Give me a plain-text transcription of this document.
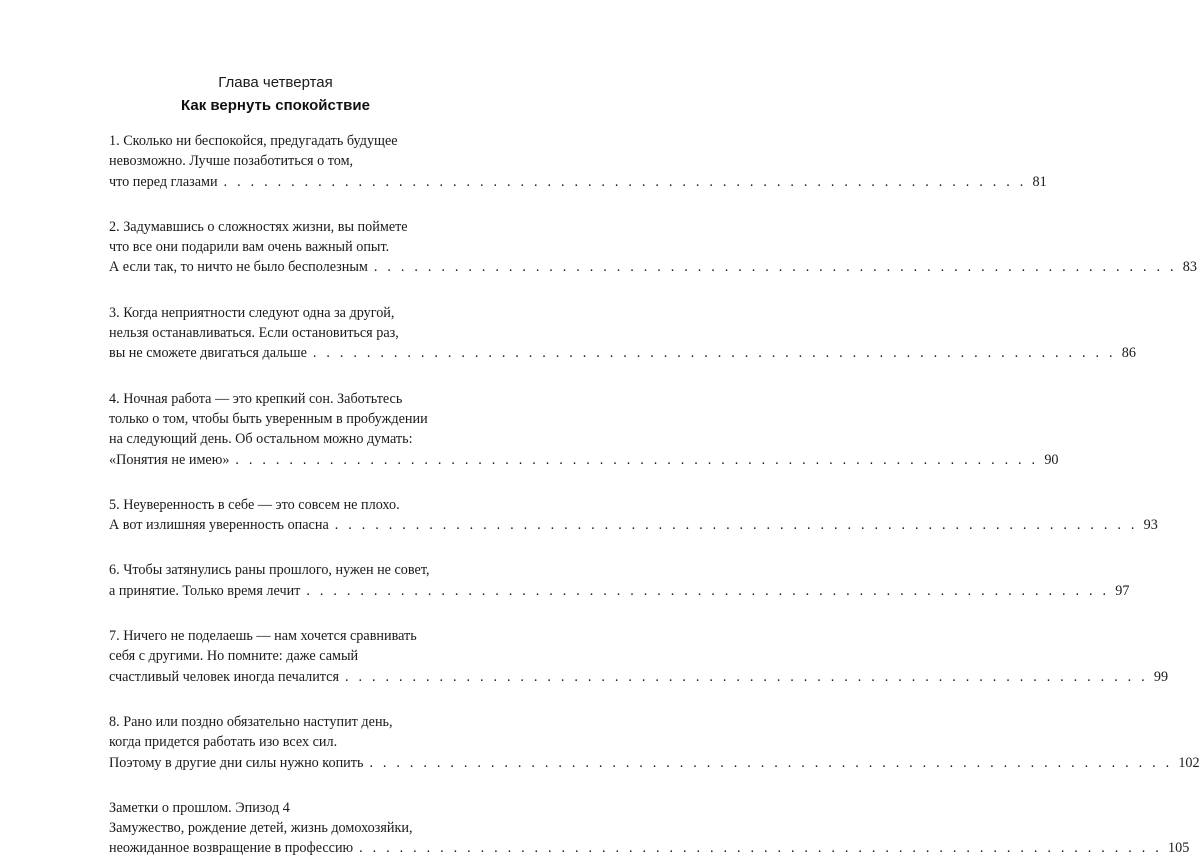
Глава четвертая
Как вернуть спокойствие
1. Сколько ни беспокойся, предугадать будущее
невозможно. Лучше позаботиться о том,
что перед глазами . . . . . . . . . . . . . . . . . . . . . . . . . . . . . . . . . . . . . . . . . . . . . . . . . . . . . . . . . . . . 81
2. Задумавшись о сложностях жизни, вы поймете
что все они подарили вам очень важный опыт.
А если так, то ничто не было бесполезным . . . . . . . . . . . . . . . . . . . . . . . . . . . . . . . . . . . . . . . . . . . . . . . . . . . . . . . . . . . . 83
3. Когда неприятности следуют одна за другой,
нельзя останавливаться. Если остановиться раз,
вы не сможете двигаться дальше . . . . . . . . . . . . . . . . . . . . . . . . . . . . . . . . . . . . . . . . . . . . . . . . . . . . . . . . . . . . 86
4. Ночная работа — это крепкий сон. Заботьтесь
только о том, чтобы быть уверенным в пробуждении
на следующий день. Об остальном можно думать:
«Понятия не имею» . . . . . . . . . . . . . . . . . . . . . . . . . . . . . . . . . . . . . . . . . . . . . . . . . . . . . . . . . . . . 90
5. Неуверенность в себе — это совсем не плохо.
А вот излишняя уверенность опасна . . . . . . . . . . . . . . . . . . . . . . . . . . . . . . . . . . . . . . . . . . . . . . . . . . . . . . . . . . . . 93
6. Чтобы затянулись раны прошлого, нужен не совет,
а принятие. Только время лечит . . . . . . . . . . . . . . . . . . . . . . . . . . . . . . . . . . . . . . . . . . . . . . . . . . . . . . . . . . . . 97
7. Ничего не поделаешь — нам хочется сравнивать
себя с другими. Но помните: даже самый
счастливый человек иногда печалится . . . . . . . . . . . . . . . . . . . . . . . . . . . . . . . . . . . . . . . . . . . . . . . . . . . . . . . . . . . . 99
8. Рано или поздно обязательно наступит день,
когда придется работать изо всех сил.
Поэтому в другие дни силы нужно копить . . . . . . . . . . . . . . . . . . . . . . . . . . . . . . . . . . . . . . . . . . . . . . . . . . . . . . . . . . . . 102
Заметки о прошлом. Эпизод 4
Замужество, рождение детей, жизнь домохозяйки,
неожиданное возвращение в профессию . . . . . . . . . . . . . . . . . . . . . . . . . . . . . . . . . . . . . . . . . . . . . . . . . . . . . . . . . . . . 105
